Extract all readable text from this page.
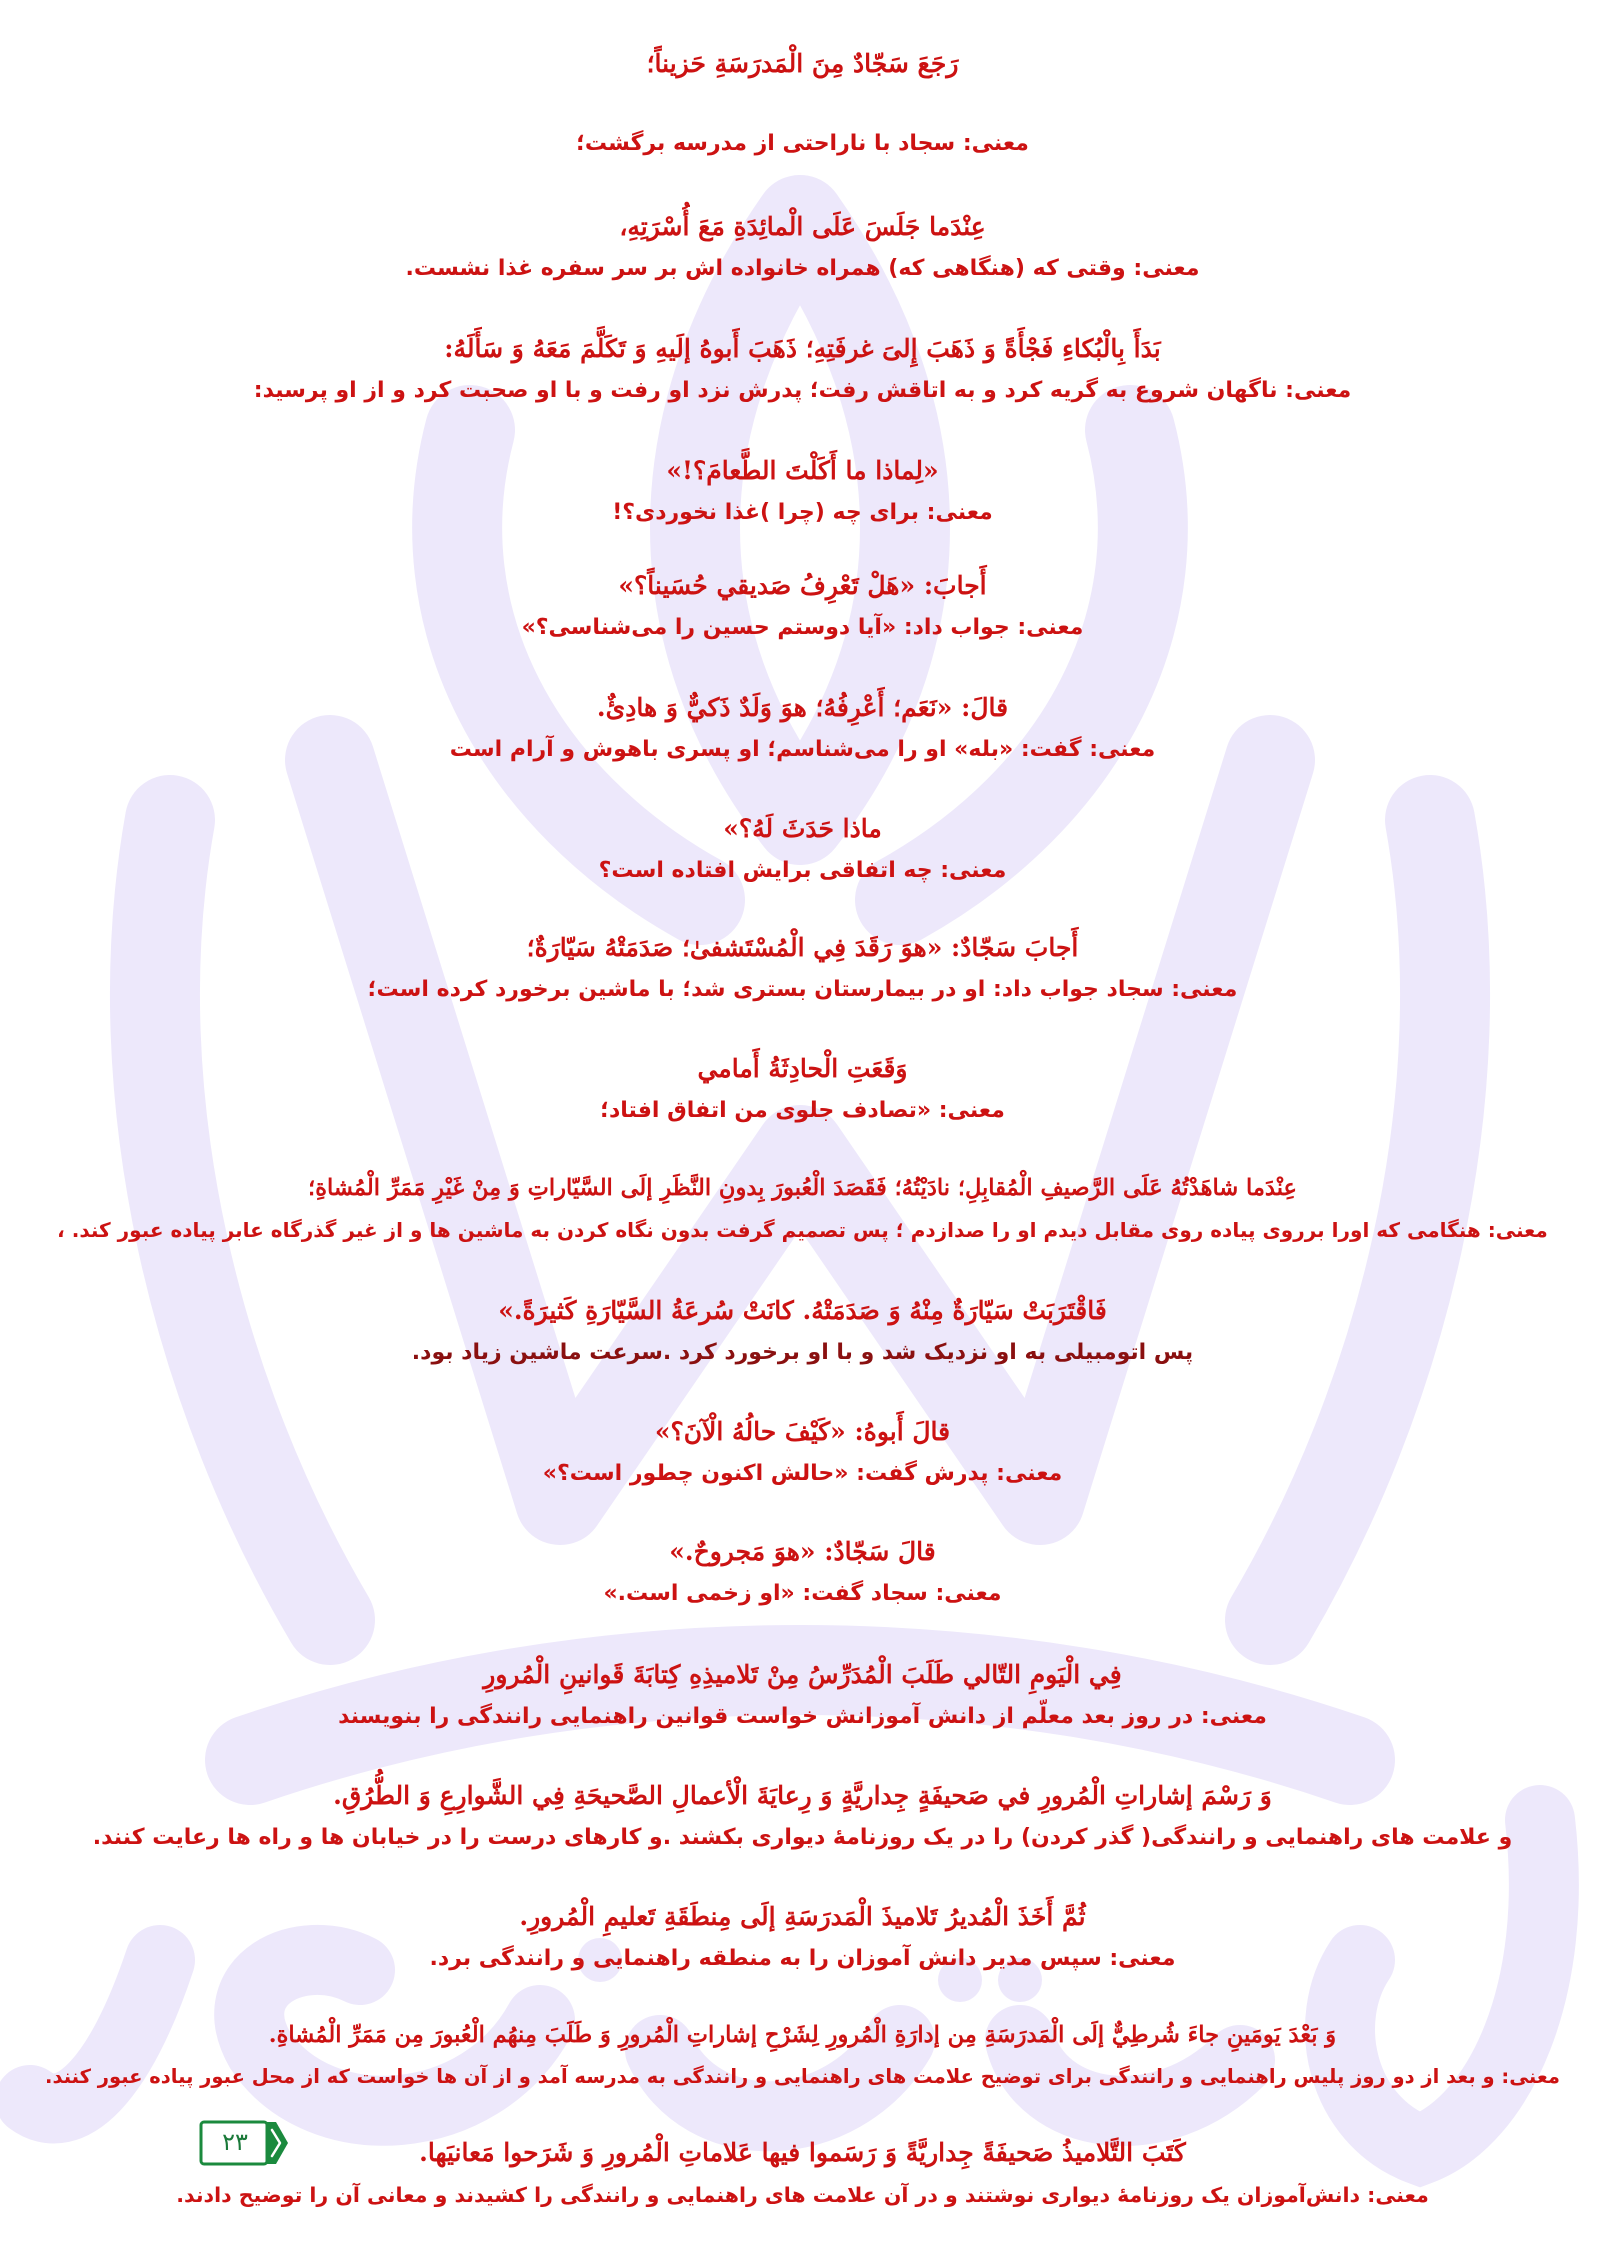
رَجَعَ سَجّادٌ مِنَ الْمَدرَسَةِ حَزيناً؛
معنی: سجاد با ناراحتی از مدرسه برگشت؛
عِنْدَما جَلَسَ عَلَی الْمائِدَةِ مَعَ أُسْرَتِهِ،
معنی: وقتی که (هنگاهی که) همراه خانواده اش بر سر سفره غذا نشست.
بَدَأَ بِالْبُكاءِ فَجْأَةً وَ ذَهَبَ إِلیَ غرفَتِهِ؛ ذَهَبَ أَبوهُ إلَيهِ وَ تَكَلَّمَ مَعَهُ وَ سَأَلَهُ:
معنی: ناگهان شروع به گریه کرد و به اتاقش رفت؛ پدرش نزد او رفت و با او صحبت کرد و از او پرسید:
«لِماذا ما أَكَلْتَ الطَّعامَ؟!»
معنی: برای چه (چرا )غذا نخوردی؟!
أَجابَ: «هَلْ تَعْرِفُ صَديقي حُسَيناً؟»
معنی: جواب داد: «آیا دوستم حسین را می‌شناسی؟»
قالَ: «نَعَم؛ أَعْرِفُهُ؛ هوَ وَلَدٌ ذَكيٌّ وَ هادِئٌ.
معنی: گفت: «بله» او را می‌شناسم؛ او پسری باهوش و آرام است
ماذا حَدَثَ لَهُ؟»
معنی: چه اتفاقی برایش افتاده است؟
أَجابَ سَجّادٌ: «هوَ رَقَدَ فِي الْمُسْتَشفیٰ؛ صَدَمَتْهُ سَيّارَةٌ؛
معنی: سجاد جواب داد: او در بیمارستان بستری شد؛ با ماشین برخورد کرده است؛
وَقَعَتِ الْحادِثَةُ أَمامي
معنی: «تصادف جلوی من اتفاق افتاد؛
عِنْدَما شاهَدْتُهُ عَلَی الرَّصيفِ الْمُقابِلِ؛ نادَيْتُهُ؛ فَقَصَدَ الْعُبورَ بِدونِ النَّظَرِ إلَی السَّيّاراتِ وَ مِنْ غَيْرِ مَمَرِّ الْمُشاةِ؛
معنی: هنگامی که اورا برروی پیاده روی مقابل دیدم او را صدازدم ؛ پس تصمیم گرفت بدون نگاه کردن به ماشین ها و از غیر گذرگاه عابر پیاده عبور کند. ،
فَاقْتَرَبَتْ سَيّارَةٌ مِنْهُ وَ صَدَمَتْهُ. كانَتْ سُرعَةُ السَّيّارَةِ كَثيرَةً.»
پس اتومبیلی به او نزدیک شد و با او برخورد کرد .سرعت ماشین زیاد بود.
قالَ أَبوهُ: «كَيْفَ حالُهُ الْآنَ؟»
معنی: پدرش گفت: «حالش اکنون چطور است؟»
قالَ سَجّادٌ: «هوَ مَجروحٌ.»
معنی: سجاد گفت: «او زخمی است.»
فِي الْيَومِ التّالي طَلَبَ الْمُدَرِّسُ مِنْ تَلاميذِهِ كِتابَةَ قَوانينِ الْمُرورِ
معنی: در روز بعد معلّم از دانش آموزانش خواست قوانین راهنمایی رانندگی را بنویسند
وَ رَسْمَ إشاراتِ الْمُرورِ في صَحيفَةٍ جِداريَّةٍ وَ رِعايَةَ الْأعمالِ الصَّحيحَةِ فِي الشَّوارِعِ وَ الطُّرُقِ.
و علامت های راهنمایی و رانندگی( گذر کردن) را در یک روزنامهٔ دیواری بکشند .و کارهای درست را در خیابان ها و راه ها رعایت کنند.
ثُمَّ أَخَذَ الْمُديرُ تَلاميذَ الْمَدرَسَةِ إلَی مِنطَقَةِ تَعليمِ الْمُرورِ.
معنی: سپس مدیر دانش آموزان را به منطقه راهنمایی و رانندگی برد.
وَ بَعْدَ يَومَينِ جاءَ شُرطِيٌّ إلَی الْمَدرَسَةِ مِن إدارَةِ الْمُرورِ لِشَرْحِ إشاراتِ الْمُرورِ وَ طَلَبَ مِنهُم الْعُبورَ مِن مَمَرِّ الْمُشاةِ.
معنی: و بعد از دو روز پلیس راهنمایی و رانندگی برای توضیح علامت های راهنمایی و رانندگی به مدرسه آمد و از آن ها خواست که از محل عبور پیاده عبور کنند.
كَتَبَ التَّلاميذُ صَحيفَةً جِداريَّةً وَ رَسَموا فيها عَلاماتِ الْمُرورِ وَ شَرَحوا مَعانيَها.
معنی: دانش‌آموزان یک روزنامهٔ دیواری نوشتند و در آن علامت های راهنمایی و رانندگی را کشیدند و معانی آن را توضیح دادند.
۲۳
